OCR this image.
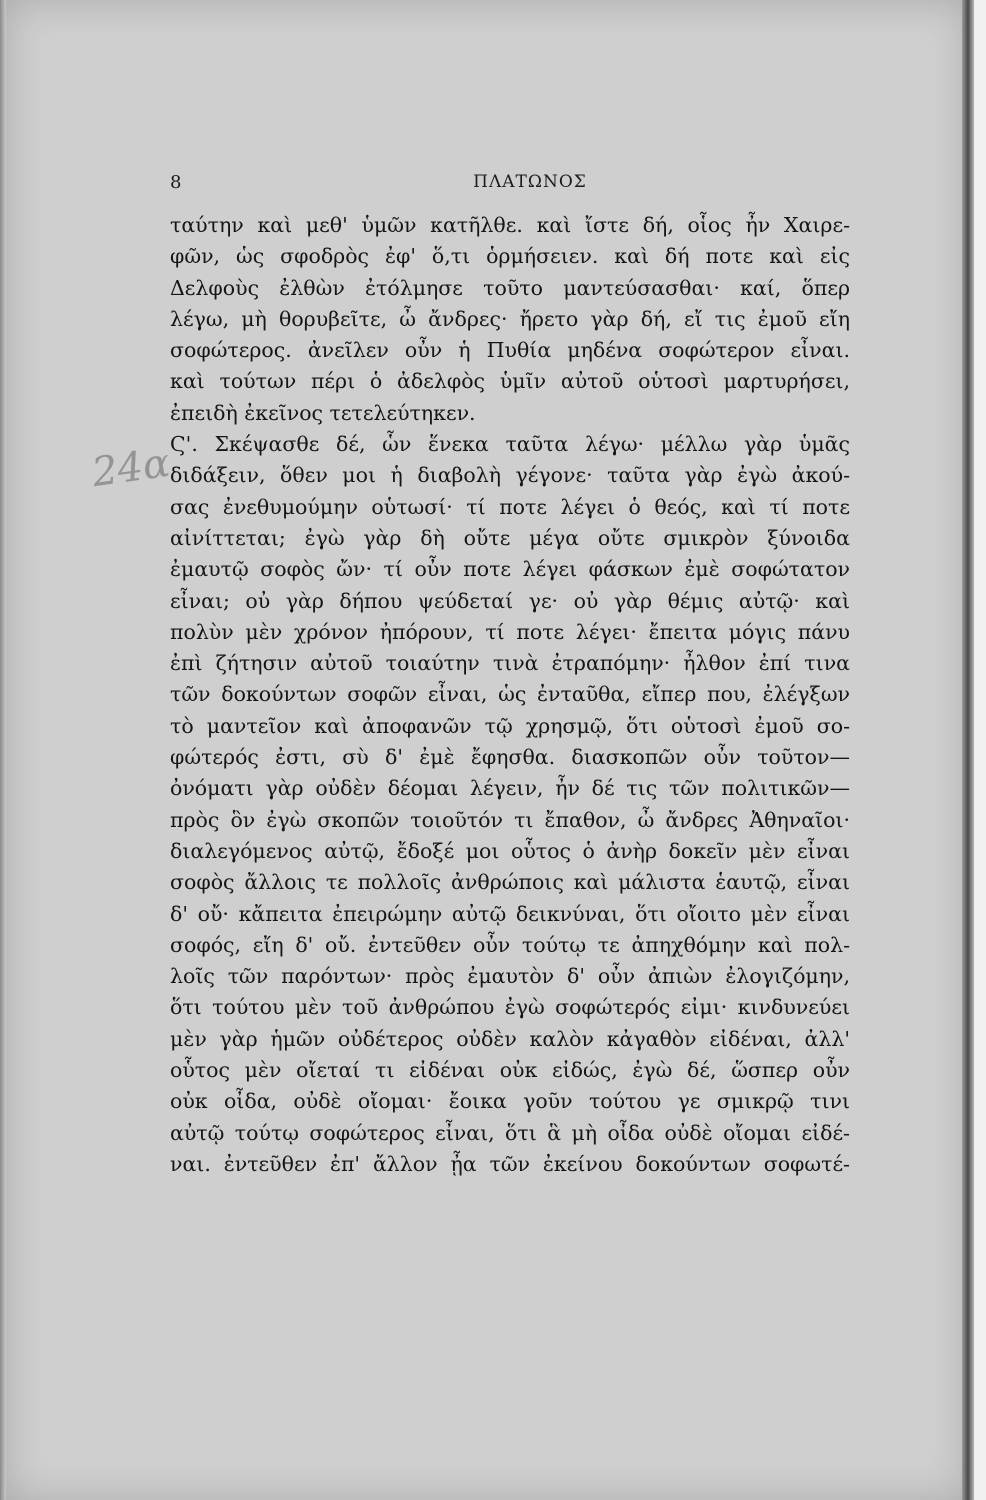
8	ΠΛΑΤΩΝΟΣ
24α
ταύτην καὶ μεθ' ὑμῶν κατῆλθε. καὶ ἴστε δή, οἷος ἦν Χαιρε-
φῶν, ὡς σφοδρὸς ἐφ' ὅ,τι ὁρμήσειεν. καὶ δή ποτε καὶ εἰς
Δελφοὺς ἐλθὼν ἐτόλμησε τοῦτο μαντεύσασθαι· καί, ὅπερ
λέγω, μὴ θορυβεῖτε, ὦ ἄνδρες· ἤρετο γὰρ δή, εἴ τις ἐμοῦ εἴη
σοφώτερος. ἀνεῖλεν οὖν ἡ Πυθία μηδένα σοφώτερον εἶναι.
καὶ τούτων πέρι ὁ ἀδελφὸς ὑμῖν αὐτοῦ οὑτοσὶ μαρτυρήσει,
ἐπειδὴ ἐκεῖνος τετελεύτηκεν.
Ϛ'. Σκέψασθε δέ, ὧν ἕνεκα ταῦτα λέγω· μέλλω γὰρ ὑμᾶς
διδάξειν, ὅθεν μοι ἡ διαβολὴ γέγονε· ταῦτα γὰρ ἐγὼ ἀκού-
σας ἐνεθυμούμην οὑτωσί· τί ποτε λέγει ὁ θεός, καὶ τί ποτε
αἰνίττεται; ἐγὼ γὰρ δὴ οὔτε μέγα οὔτε σμικρὸν ξύνοιδα
ἐμαυτῷ σοφὸς ὤν· τί οὖν ποτε λέγει φάσκων ἐμὲ σοφώτατον
εἶναι; οὐ γὰρ δήπου ψεύδεταί γε· οὐ γὰρ θέμις αὐτῷ· καὶ
πολὺν μὲν χρόνον ἠπόρουν, τί ποτε λέγει· ἔπειτα μόγις πάνυ
ἐπὶ ζήτησιν αὐτοῦ τοιαύτην τινὰ ἐτραπόμην· ἦλθον ἐπί τινα
τῶν δοκούντων σοφῶν εἶναι, ὡς ἐνταῦθα, εἴπερ που, ἐλέγξων
τὸ μαντεῖον καὶ ἀποφανῶν τῷ χρησμῷ, ὅτι οὑτοσὶ ἐμοῦ σο-
φώτερός ἐστι, σὺ δ' ἐμὲ ἔφησθα. διασκοπῶν οὖν τοῦτον—
ὀνόματι γὰρ οὐδὲν δέομαι λέγειν, ἦν δέ τις τῶν πολιτικῶν—
πρὸς ὃν ἐγὼ σκοπῶν τοιοῦτόν τι ἔπαθον, ὦ ἄνδρες Ἀθηναῖοι·
διαλεγόμενος αὐτῷ, ἔδοξέ μοι οὗτος ὁ ἀνὴρ δοκεῖν μὲν εἶναι
σοφὸς ἄλλοις τε πολλοῖς ἀνθρώποις καὶ μάλιστα ἑαυτῷ, εἶναι
δ' οὔ· κἄπειτα ἐπειρώμην αὐτῷ δεικνύναι, ὅτι οἴοιτο μὲν εἶναι
σοφός, εἴη δ' οὔ. ἐντεῦθεν οὖν τούτῳ τε ἀπηχθόμην καὶ πολ-
λοῖς τῶν παρόντων· πρὸς ἐμαυτὸν δ' οὖν ἀπιὼν ἐλογιζόμην,
ὅτι τούτου μὲν τοῦ ἀνθρώπου ἐγὼ σοφώτερός εἰμι· κινδυνεύει
μὲν γὰρ ἡμῶν οὐδέτερος οὐδὲν καλὸν κἀγαθὸν εἰδέναι, ἀλλ'
οὗτος μὲν οἴεταί τι εἰδέναι οὐκ εἰδώς, ἐγὼ δέ, ὥσπερ οὖν
οὐκ οἶδα, οὐδὲ οἴομαι· ἔοικα γοῦν τούτου γε σμικρῷ τινι
αὐτῷ τούτῳ σοφώτερος εἶναι, ὅτι ἃ μὴ οἶδα οὐδὲ οἴομαι εἰδέ-
ναι. ἐντεῦθεν ἐπ' ἄλλον ᾖα τῶν ἐκείνου δοκούντων σοφωτέ-
